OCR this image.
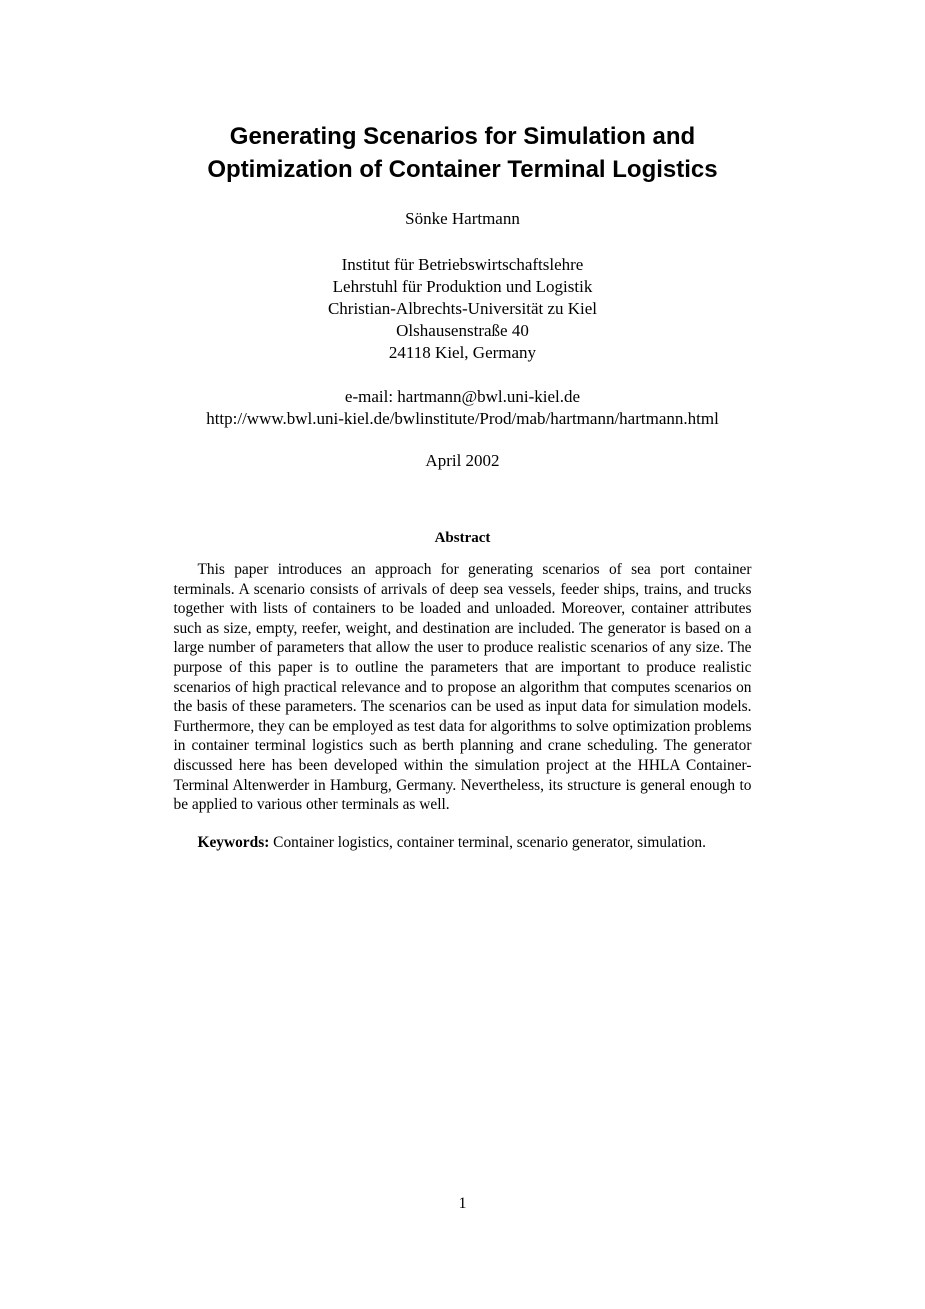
Generating Scenarios for Simulation and
Optimization of Container Terminal Logistics
Sönke Hartmann
Institut für Betriebswirtschaftslehre
Lehrstuhl für Produktion und Logistik
Christian-Albrechts-Universität zu Kiel
Olshausenstraße 40
24118 Kiel, Germany
e-mail: hartmann@bwl.uni-kiel.de
http://www.bwl.uni-kiel.de/bwlinstitute/Prod/mab/hartmann/hartmann.html
April 2002
Abstract
This paper introduces an approach for generating scenarios of sea port container terminals. A scenario consists of arrivals of deep sea vessels, feeder ships, trains, and trucks together with lists of containers to be loaded and unloaded. Moreover, container attributes such as size, empty, reefer, weight, and destination are included. The generator is based on a large number of parameters that allow the user to produce realistic scenarios of any size. The purpose of this paper is to outline the parameters that are important to produce realistic scenarios of high practical relevance and to propose an algorithm that computes scenarios on the basis of these parameters. The scenarios can be used as input data for simulation models. Furthermore, they can be employed as test data for algorithms to solve optimization problems in container terminal logistics such as berth planning and crane scheduling. The generator discussed here has been developed within the simulation project at the HHLA Container-Terminal Altenwerder in Hamburg, Germany. Nevertheless, its structure is general enough to be applied to various other terminals as well.
Keywords: Container logistics, container terminal, scenario generator, simulation.
1
